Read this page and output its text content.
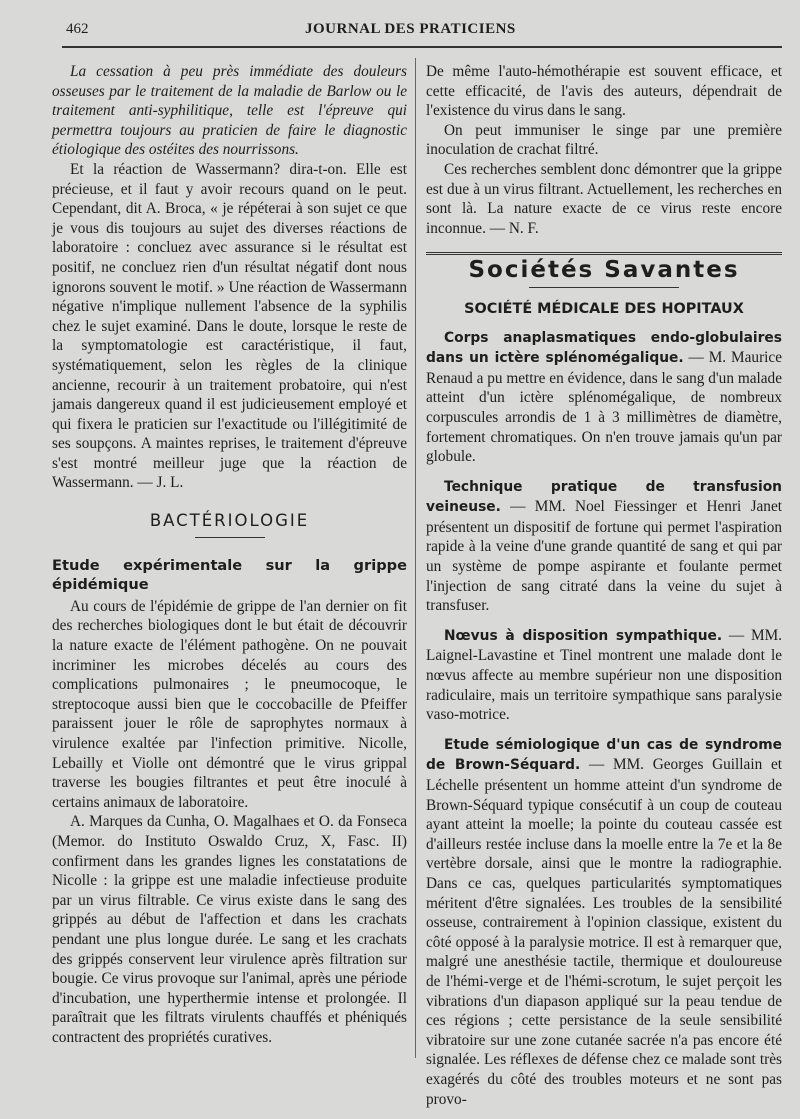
462	JOURNAL DES PRATICIENS

La cessation à peu près immédiate des douleurs osseuses par le traitement de la maladie de Barlow ou le traitement anti-syphilitique, telle est l'épreuve qui permettra toujours au praticien de faire le diagnostic étiologique des ostéites des nourrissons.

Et la réaction de Wassermann? dira-t-on. Elle est précieuse, et il faut y avoir recours quand on le peut. Cependant, dit A. Broca, « je répéterai à son sujet ce que je vous dis toujours au sujet des diverses réactions de laboratoire : concluez avec assurance si le résultat est positif, ne concluez rien d'un résultat négatif dont nous ignorons souvent le motif. » Une réaction de Wassermann négative n'implique nullement l'absence de la syphilis chez le sujet examiné. Dans le doute, lorsque le reste de la symptomatologie est caractéristique, il faut, systématiquement, selon les règles de la clinique ancienne, recourir à un traitement probatoire, qui n'est jamais dangereux quand il est judicieusement employé et qui fixera le praticien sur l'exactitude ou l'illégitimité de ses soupçons. A maintes reprises, le traitement d'épreuve s'est montré meilleur juge que la réaction de Wassermann. — J. L.

BACTÉRIOLOGIE
Etude expérimentale sur la grippe épidémique

Au cours de l'épidémie de grippe de l'an dernier on fit des recherches biologiques dont le but était de découvrir la nature exacte de l'élément pathogène. On ne pouvait incriminer les microbes décelés au cours des complications pulmonaires ; le pneumocoque, le streptocoque aussi bien que le coccobacille de Pfeiffer paraissent jouer le rôle de saprophytes normaux à virulence exaltée par l'infection primitive. Nicolle, Lebailly et Violle ont démontré que le virus grippal traverse les bougies filtrantes et peut être inoculé à certains animaux de laboratoire.

A. Marques da Cunha, O. Magalhaes et O. da Fonseca (Memor. do Instituto Oswaldo Cruz, X, Fasc. II) confirment dans les grandes lignes les constatations de Nicolle : la grippe est une maladie infectieuse produite par un virus filtrable. Ce virus existe dans le sang des grippés au début de l'affection et dans les crachats pendant une plus longue durée. Le sang et les crachats des grippés conservent leur virulence après filtration sur bougie. Ce virus provoque sur l'animal, après une période d'incubation, une hyperthermie intense et prolongée. Il paraîtrait que les filtrats virulents chauffés et phéniqués contractent des propriétés curatives.

De même l'auto-hémothérapie est souvent efficace, et cette efficacité, de l'avis des auteurs, dépendrait de l'existence du virus dans le sang.

On peut immuniser le singe par une première inoculation de crachat filtré.

Ces recherches semblent donc démontrer que la grippe est due à un virus filtrant. Actuellement, les recherches en sont là. La nature exacte de ce virus reste encore inconnue. — N. F.

Sociétés Savantes
SOCIÉTÉ MÉDICALE DES HOPITAUX

Corps anaplasmatiques endo-globulaires dans un ictère splénomégalique. — M. Maurice Renaud a pu mettre en évidence, dans le sang d'un malade atteint d'un ictère splénomégalique, de nombreux corpuscules arrondis de 1 à 3 millimètres de diamètre, fortement chromatiques. On n'en trouve jamais qu'un par globule.

Technique pratique de transfusion veineuse. — MM. Noel Fiessinger et Henri Janet présentent un dispositif de fortune qui permet l'aspiration rapide à la veine d'une grande quantité de sang et qui par un système de pompe aspirante et foulante permet l'injection de sang citraté dans la veine du sujet à transfuser.

Nœvus à disposition sympathique. — MM. Laignel-Lavastine et Tinel montrent une malade dont le nœvus affecte au membre supérieur non une disposition radiculaire, mais un territoire sympathique sans paralysie vaso-motrice.

Etude sémiologique d'un cas de syndrome de Brown-Séquard. — MM. Georges Guillain et Léchelle présentent un homme atteint d'un syndrome de Brown-Séquard typique consécutif à un coup de couteau ayant atteint la moelle; la pointe du couteau cassée est d'ailleurs restée incluse dans la moelle entre la 7e et la 8e vertèbre dorsale, ainsi que le montre la radiographie. Dans ce cas, quelques particularités symptomatiques méritent d'être signalées. Les troubles de la sensibilité osseuse, contrairement à l'opinion classique, existent du côté opposé à la paralysie motrice. Il est à remarquer que, malgré une anesthésie tactile, thermique et douloureuse de l'hémi-verge et de l'hémi-scrotum, le sujet perçoit les vibrations d'un diapason appliqué sur la peau tendue de ces régions ; cette persistance de la seule sensibilité vibratoire sur une zone cutanée sacrée n'a pas encore été signalée. Les réflexes de défense chez ce malade sont très exagérés du côté des troubles moteurs et ne sont pas provo-
